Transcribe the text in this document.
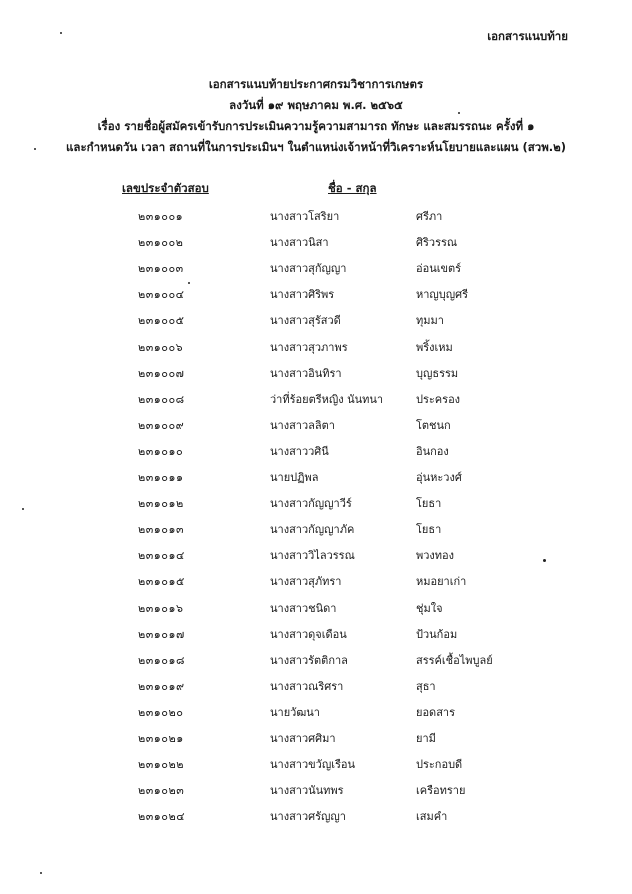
เอกสารแนบท้าย
เอกสารแนบท้ายประกาศกรมวิชาการเกษตร
ลงวันที่ ๑๙ พฤษภาคม พ.ศ. ๒๕๖๕
เรื่อง รายชื่อผู้สมัครเข้ารับการประเมินความรู้ความสามารถ ทักษะ และสมรรถนะ ครั้งที่ ๑
และกำหนดวัน เวลา สถานที่ในการประเมินฯ ในตำแหน่งเจ้าหน้าที่วิเคราะห์นโยบายและแผน (สวพ.๒)
เลขประจำตัวสอบ	ชื่อ - สกุล
๒๓๑๐๐๑	นางสาวโสริยา	ศรีภา
๒๓๑๐๐๒	นางสาวนิสา	ศิริวรรณ
๒๓๑๐๐๓	นางสาวสุกัญญา	อ่อนเขตร์
๒๓๑๐๐๔	นางสาวศิริพร	หาญบุญศรี
๒๓๑๐๐๕	นางสาวสุรัสวดี	ทุมมา
๒๓๑๐๐๖	นางสาวสุวภาพร	พริ้งเหม
๒๓๑๐๐๗	นางสาวอินทิรา	บุญธรรม
๒๓๑๐๐๘	ว่าที่ร้อยตรีหญิง นันทนา	ประครอง
๒๓๑๐๐๙	นางสาวลลิตา	โตชนก
๒๓๑๐๑๐	นางสาววศินี	อินกอง
๒๓๑๐๑๑	นายปฏิพล	อุ่นหะวงศ์
๒๓๑๐๑๒	นางสาวกัญญาวีร์	โยธา
๒๓๑๐๑๓	นางสาวกัญญาภัค	โยธา
๒๓๑๐๑๔	นางสาววิไลวรรณ	พวงทอง
๒๓๑๐๑๕	นางสาวสุภัทรา	หมอยาเก่า
๒๓๑๐๑๖	นางสาวชนิดา	ชุ่มใจ
๒๓๑๐๑๗	นางสาวดุจเดือน	ป้วนก้อม
๒๓๑๐๑๘	นางสาวรัตติกาล	สรรค์เชื้อไพบูลย์
๒๓๑๐๑๙	นางสาวณริศรา	สุธา
๒๓๑๐๒๐	นายวัฒนา	ยอดสาร
๒๓๑๐๒๑	นางสาวศศิมา	ยามี
๒๓๑๐๒๒	นางสาวขวัญเรือน	ประกอบดี
๒๓๑๐๒๓	นางสาวนันทพร	เครือทราย
๒๓๑๐๒๔	นางสาวศรัญญา	เสมคำ
